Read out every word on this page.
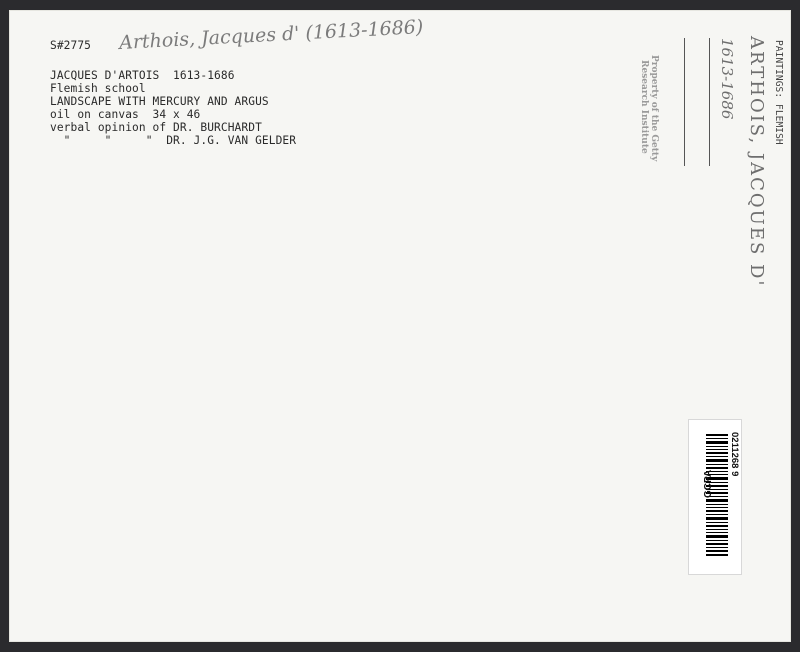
S#2775 Arthois, Jacques d' (1613-1686)
JACQUES D'ARTOIS  1613-1686
Flemish school
LANDSCAPE WITH MERCURY AND ARGUS
oil on canvas  34 x 46
verbal opinion of DR. BURCHARDT
"     "     "  DR. J.G. VAN GELDER	PAINTINGS: FLEMISH
ARTHOIS, JACQUES D'
1613-1686
Property of the Getty
Research Institute
0211268 9
GCPA
